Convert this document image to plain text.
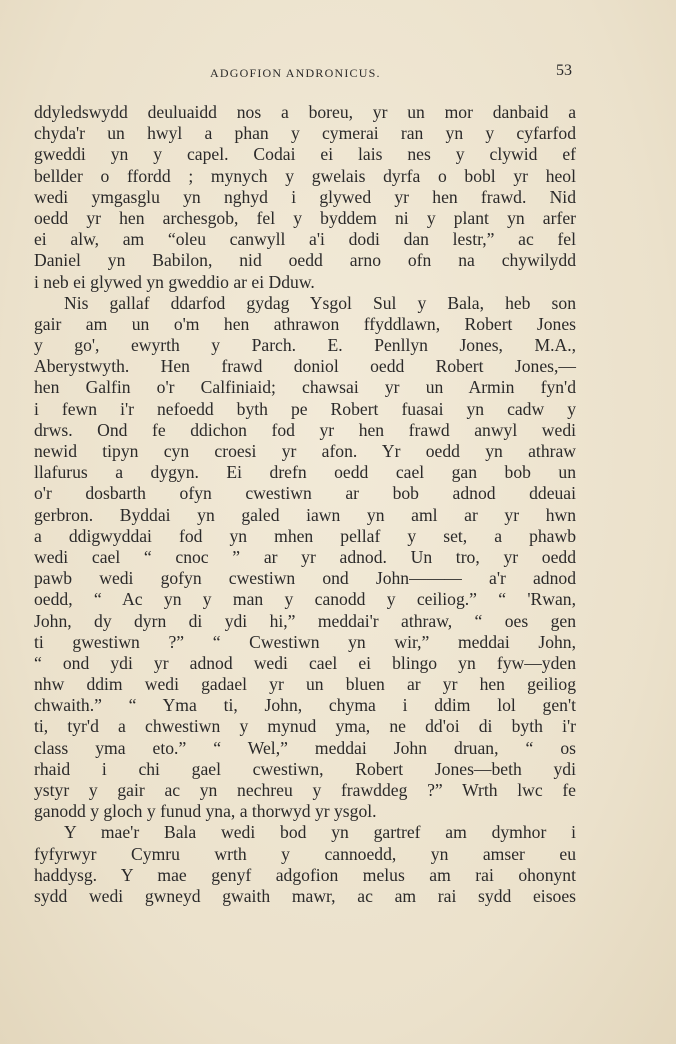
ADGOFION ANDRONICUS.	53
ddyledswydd deuluaidd nos a boreu, yr un mor danbaid a
chyda'r un hwyl a phan y cymerai ran yn y cyfarfod
gweddi yn y capel. Codai ei lais nes y clywid ef
bellder o ffordd ; mynych y gwelais dyrfa o bobl yr heol
wedi ymgasglu yn nghyd i glywed yr hen frawd. Nid
oedd yr hen archesgob, fel y byddem ni y plant yn arfer
ei alw, am “oleu canwyll a'i dodi dan lestr,” ac fel
Daniel yn Babilon, nid oedd arno ofn na chywilydd
i neb ei glywed yn gweddio ar ei Dduw.
Nis gallaf ddarfod gydag Ysgol Sul y Bala, heb son
gair am un o'm hen athrawon ffyddlawn, Robert Jones
y go', ewyrth y Parch. E. Penllyn Jones, M.A.,
Aberystwyth. Hen frawd doniol oedd Robert Jones,—
hen Galfin o'r Calfiniaid; chawsai yr un Armin fyn'd
i fewn i'r nefoedd byth pe Robert fuasai yn cadw y
drws. Ond fe ddichon fod yr hen frawd anwyl wedi
newid tipyn cyn croesi yr afon. Yr oedd yn athraw
llafurus a dygyn. Ei drefn oedd cael gan bob un
o'r dosbarth ofyn cwestiwn ar bob adnod ddeuai
gerbron. Byddai yn galed iawn yn aml ar yr hwn
a ddigwyddai fod yn mhen pellaf y set, a phawb
wedi cael “ cnoc ” ar yr adnod. Un tro, yr oedd
pawb wedi gofyn cwestiwn ond John——— a'r adnod
oedd, “ Ac yn y man y canodd y ceiliog.” “ 'Rwan,
John, dy dyrn di ydi hi,” meddai'r athraw, “ oes gen
ti gwestiwn ?” “ Cwestiwn yn wir,” meddai John,
“ ond ydi yr adnod wedi cael ei blingo yn fyw—yden
nhw ddim wedi gadael yr un bluen ar yr hen geiliog
chwaith.” “ Yma ti, John, chyma i ddim lol gen't
ti, tyr'd a chwestiwn y mynud yma, ne dd'oi di byth i'r
class yma eto.” “ Wel,” meddai John druan, “ os
rhaid i chi gael cwestiwn, Robert Jones—beth ydi
ystyr y gair ac yn nechreu y frawddeg ?” Wrth lwc fe
ganodd y gloch y funud yna, a thorwyd yr ysgol.
Y mae'r Bala wedi bod yn gartref am dymhor i
fyfyrwyr Cymru wrth y cannoedd, yn amser eu
haddysg. Y mae genyf adgofion melus am rai ohonynt
sydd wedi gwneyd gwaith mawr, ac am rai sydd eisoes
